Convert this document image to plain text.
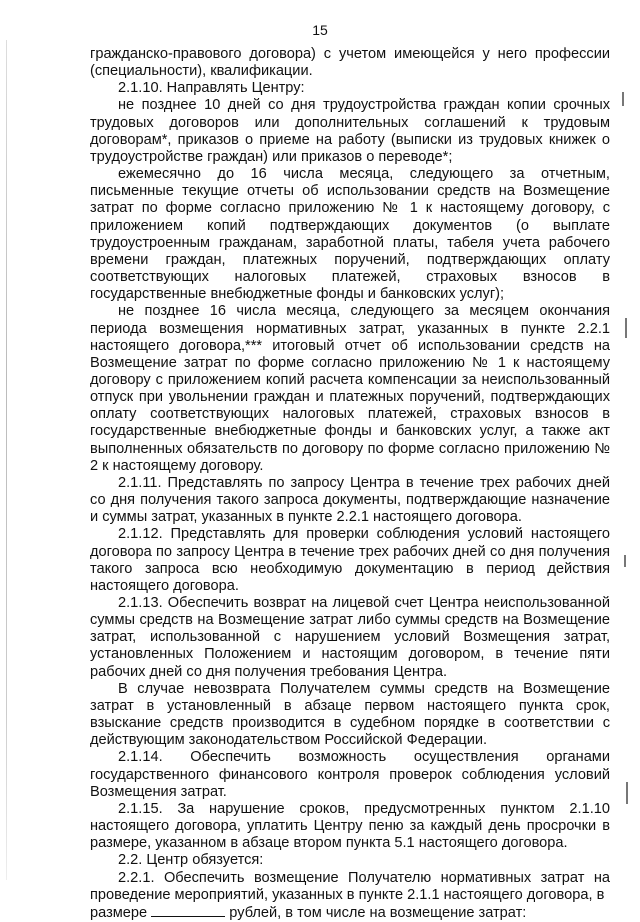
15

гражданско-правового договора) с учетом имеющейся у него профессии (специальности), квалификации.

2.1.10. Направлять Центру:

не позднее 10 дней со дня трудоустройства граждан копии срочных трудовых договоров или дополнительных соглашений к трудовым договорам*, приказов о приеме на работу (выписки из трудовых книжек о трудоустройстве граждан) или приказов о переводе*;

ежемесячно до 16 числа месяца, следующего за отчетным, письменные текущие отчеты об использовании средств на Возмещение затрат по форме согласно приложению № 1 к настоящему договору, с приложением копий подтверждающих документов (о выплате трудоустроенным гражданам, заработной платы, табеля учета рабочего времени граждан, платежных поручений, подтверждающих оплату соответствующих налоговых платежей, страховых взносов в государственные внебюджетные фонды и банковских услуг);

не позднее 16 числа месяца, следующего за месяцем окончания периода возмещения нормативных затрат, указанных в пункте 2.2.1 настоящего договора,*** итоговый отчет об использовании средств на Возмещение затрат по форме согласно приложению № 1 к настоящему договору с приложением копий расчета компенсации за неиспользованный отпуск при увольнении граждан и платежных поручений, подтверждающих оплату соответствующих налоговых платежей, страховых взносов в государственные внебюджетные фонды и банковских услуг, а также акт выполненных обязательств по договору по форме согласно приложению № 2 к настоящему договору.

2.1.11. Представлять по запросу Центра в течение трех рабочих дней со дня получения такого запроса документы, подтверждающие назначение и суммы затрат, указанных в пункте 2.2.1 настоящего договора.

2.1.12. Представлять для проверки соблюдения условий настоящего договора по запросу Центра в течение трех рабочих дней со дня получения такого запроса всю необходимую документацию в период действия настоящего договора.

2.1.13. Обеспечить возврат на лицевой счет Центра неиспользованной суммы средств на Возмещение затрат либо суммы средств на Возмещение затрат, использованной с нарушением условий Возмещения затрат, установленных Положением и настоящим договором, в течение пяти рабочих дней со дня получения требования Центра.

В случае невозврата Получателем суммы средств на Возмещение затрат в установленный в абзаце первом настоящего пункта срок, взыскание средств производится в судебном порядке в соответствии с действующим законодательством Российской Федерации.

2.1.14. Обеспечить возможность осуществления органами государственного финансового контроля проверок соблюдения условий Возмещения затрат.

2.1.15. За нарушение сроков, предусмотренных пунктом 2.1.10 настоящего договора, уплатить Центру пеню за каждый день просрочки в размере, указанном в абзаце втором пункта 5.1 настоящего договора.

2.2. Центр обязуется:

2.2.1. Обеспечить возмещение Получателю нормативных затрат на проведение мероприятий, указанных в пункте 2.1.1 настоящего договора, в

размере	рублей, в том числе на возмещение затрат:
